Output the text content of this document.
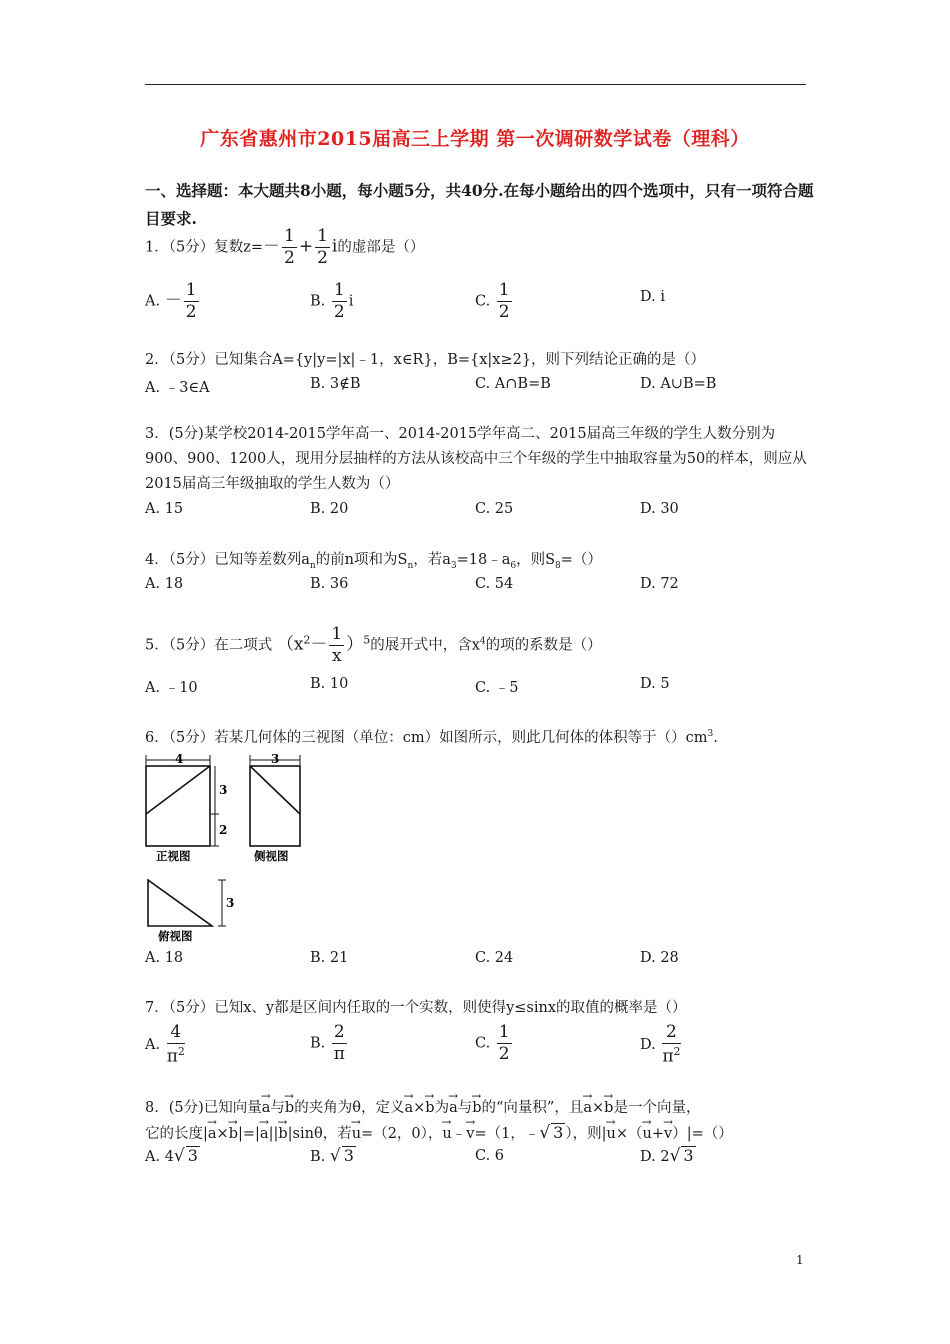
广东省惠州市2015届高三上学期 第一次调研数学试卷（理科）
一、选择题：本大题共8小题，每小题5分，共40分.在每小题给出的四个选项中，只有一项符合题目要求.
1．（5分）复数$z=- \frac{1}{2} + \frac{1}{2}$ i的虚部是（）
A. － $\frac{1}{2}$	B. $\frac{1}{2}$ i	C. $\frac{1}{2}$	D. i
2．（5分）已知集合A={y|y=|x|﹣1，x∈R}，B={x|x≥2}，则下列结论正确的是（）
A. ﹣3∈A	B. 3∉B	C. A∩B=B	D. A∪B=B
3．(5分)某学校2014-2015学年高一、2014-2015学年高二、2015届高三年级的学生人数分别为900、900、1200人，现用分层抽样的方法从该校高中三个年级的学生中抽取容量为50的样本，则应从2015届高三年级抽取的学生人数为（）
A. 15	B. 20	C. 25	D. 30
4．（5分）已知等差数列$a_n$的前n项和为$S_n$，若$a_3=18﹣a_6$，则$S_8=()$
A. 18	B. 36	C. 54	D. 72
5．（5分）在二项式 $(x^2- \frac{1}{x} )^5$的展开式中，含$x^4$的项的系数是（）
A. ﹣10	B. 10	C. ﹣5	D. 5
6．（5分）若某几何体的三视图（单位：cm）如图所示，则此几何体的体积等于$()cm^3$.
4	3
3
2
正视图	侧视图
3
俯视图
A. 18	B. 21	C. 24	D. 28
7．（5分）已知x、y都是区间内任取的一个实数，则使得y≤sinx的取值的概率是（）
A. $\frac{4}{\pi^2}$	B. $\frac{2}{\pi}$	C. $\frac{1}{2}$	D. $\frac{2}{\pi^2}$
8．(5分)已知向量→ a与→ b的夹角为θ，定义→ a×→ b为→ a与→ b的“向量积”，且→ a×→ b是一个向量，
它的长度|→ a×→ b|=|→ a||→ b|sinθ，若→ u=（2，0），→ u﹣→ v=（1，﹣√ 3 ），则|→ u×（→ u+→ v）|=（）
A. 4√ 3	B. √ 3	C. 6	D. 2√ 3
1
